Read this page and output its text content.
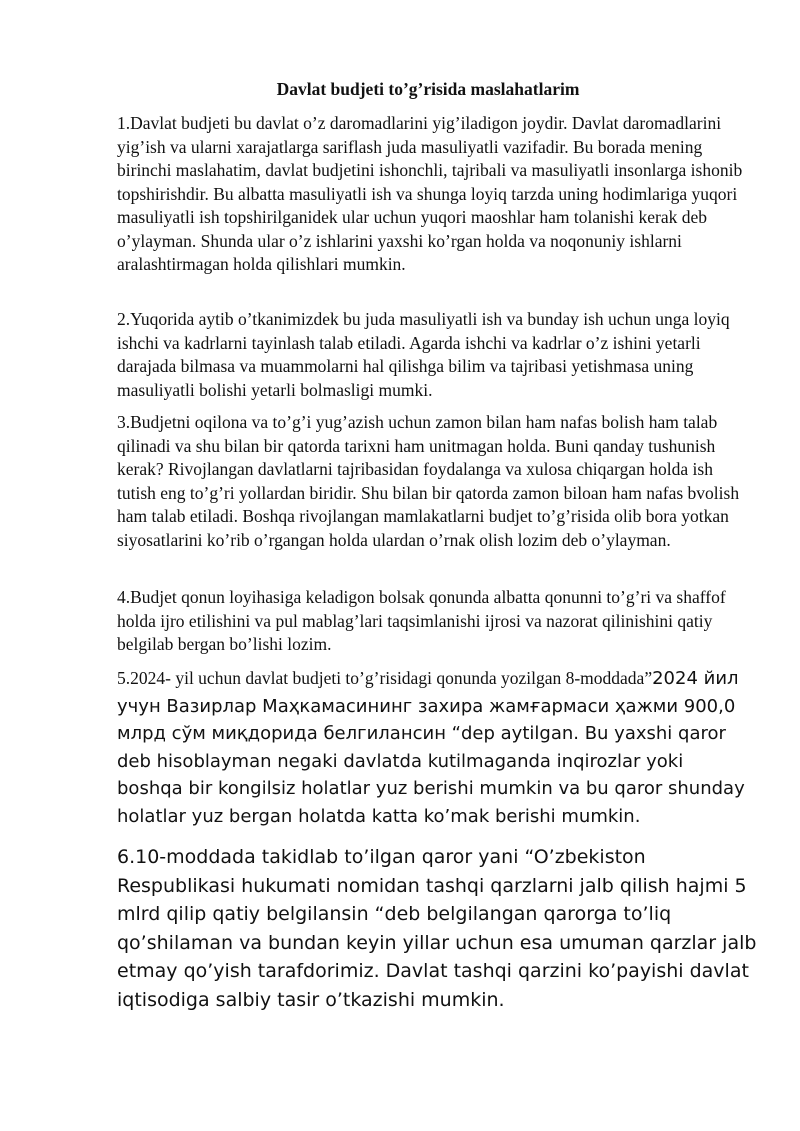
Davlat budjeti to’g’risida maslahatlarim

1.Davlat budjeti bu davlat o’z daromadlarini yig’iladigon joydir. Davlat daromadlarini yig’ish va ularni xarajatlarga sariflash juda masuliyatli vazifadir. Bu borada mening birinchi maslahatim, davlat budjetini ishonchli, tajribali va masuliyatli insonlarga ishonib topshirishdir. Bu albatta masuliyatli ish va shunga loyiq tarzda uning hodimlariga yuqori masuliyatli ish topshirilganidek ular uchun yuqori maoshlar ham tolanishi kerak deb o’ylayman. Shunda ular o’z ishlarini yaxshi ko’rgan holda va noqonuniy ishlarni aralashtirmagan holda qilishlari mumkin.

2.Yuqorida aytib o’tkanimizdek bu juda masuliyatli ish va bunday ish uchun unga loyiq ishchi va kadrlarni tayinlash talab etiladi. Agarda ishchi va kadrlar o’z ishini yetarli darajada bilmasa va muammolarni hal qilishga bilim va tajribasi yetishmasa uning masuliyatli bolishi yetarli bolmasligi mumki.

3.Budjetni oqilona va to’g’i yug’azish uchun zamon bilan ham nafas bolish ham talab qilinadi va shu bilan bir qatorda tarixni ham unitmagan holda. Buni qanday tushunish kerak? Rivojlangan davlatlarni tajribasidan foydalanga va xulosa chiqargan holda ish tutish eng to’g’ri yollardan biridir. Shu bilan bir qatorda zamon biloan ham nafas bvolish ham talab etiladi. Boshqa rivojlangan mamlakatlarni budjet to’g’risida olib bora yotkan siyosatlarini ko’rib o’rgangan holda ulardan o’rnak olish lozim deb o’ylayman.

4.Budjet qonun loyihasiga keladigon bolsak qonunda albatta qonunni to’g’ri va shaffof holda ijro etilishini va pul mablag’lari taqsimlanishi ijrosi va nazorat qilinishini qatiy belgilab bergan bo’lishi lozim.

5.2024- yil uchun davlat budjeti to’g’risidagi qonunda yozilgan 8-moddada”2024 йил учун Вазирлар Маҳкамасининг захира жамғармаси ҳажми 900,0 млрд сўм миқдорида белгилансин “dep aytilgan. Bu yaxshi qaror deb hisoblayman negaki davlatda kutilmaganda inqirozlar yoki boshqa bir kongilsiz holatlar yuz berishi mumkin va bu qaror shunday holatlar yuz bergan holatda katta ko’mak berishi mumkin.

6.10-moddada takidlab to’ilgan qaror yani “O’zbekiston Respublikasi hukumati nomidan tashqi qarzlarni jalb qilish hajmi 5 mlrd qilip qatiy belgilansin “deb belgilangan qarorga to’liq qo’shilaman va bundan keyin yillar uchun esa umuman qarzlar jalb etmay qo’yish tarafdorimiz. Davlat tashqi qarzini ko’payishi davlat iqtisodiga salbiy tasir o’tkazishi mumkin.
